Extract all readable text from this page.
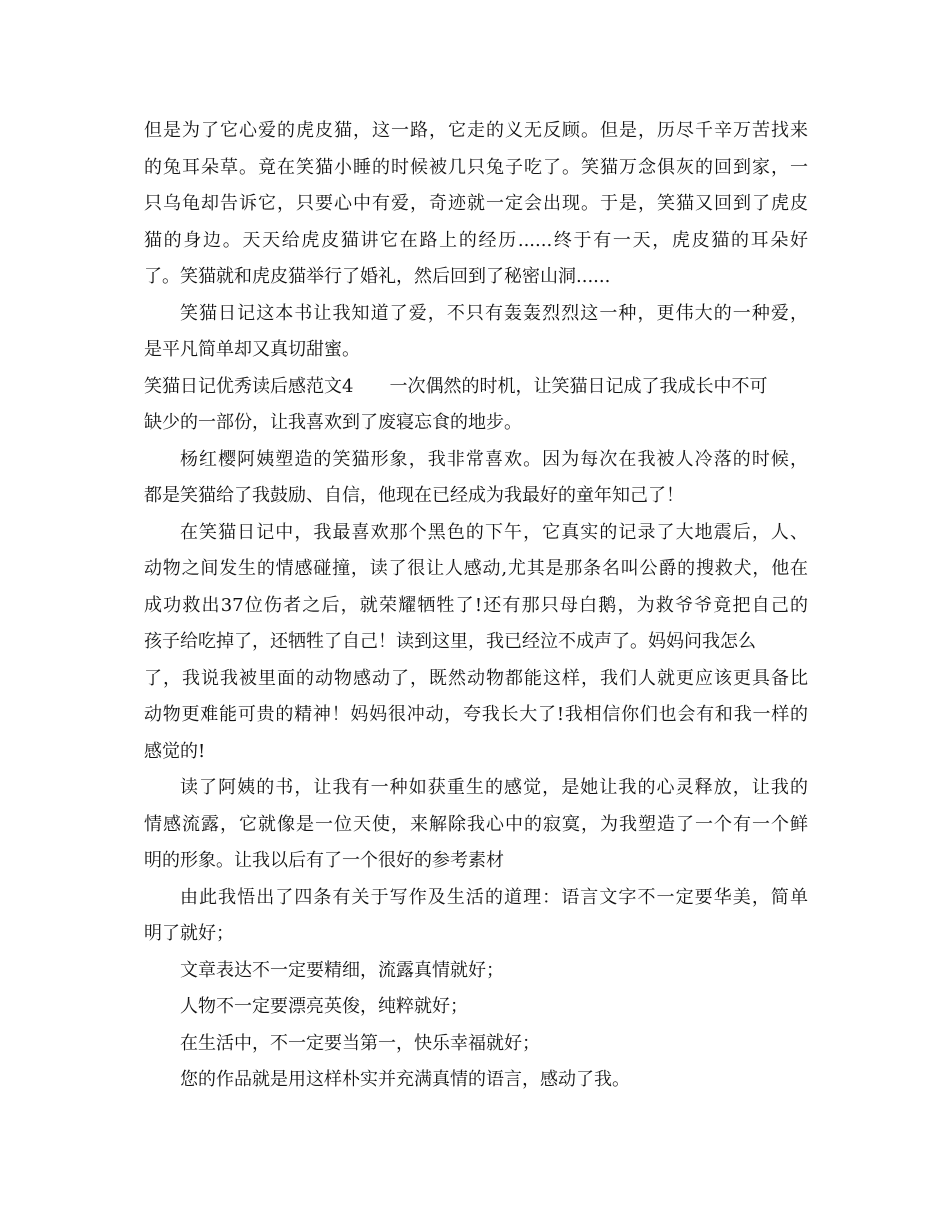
但是为了它心爱的虎皮猫，这一路，它走的义无反顾。但是，历尽千辛万苦找来
的兔耳朵草。竟在笑猫小睡的时候被几只兔子吃了。笑猫万念俱灰的回到家，一
只乌龟却告诉它，只要心中有爱，奇迹就一定会出现。于是，笑猫又回到了虎皮
猫的身边。天天给虎皮猫讲它在路上的经历......终于有一天，虎皮猫的耳朵好
了。笑猫就和虎皮猫举行了婚礼，然后回到了秘密山洞......
笑猫日记这本书让我知道了爱，不只有轰轰烈烈这一种，更伟大的一种爱，
是平凡简单却又真切甜蜜。
笑猫日记优秀读后感范文4 一次偶然的时机，让笑猫日记成了我成长中不可
缺少的一部份，让我喜欢到了废寝忘食的地步。
杨红樱阿姨塑造的笑猫形象，我非常喜欢。因为每次在我被人冷落的时候，
都是笑猫给了我鼓励、自信，他现在已经成为我最好的童年知己了！
在笑猫日记中，我最喜欢那个黑色的下午，它真实的记录了大地震后，人、
动物之间发生的情感碰撞，读了很让人感动,尤其是那条名叫公爵的搜救犬，他在
成功救出37位伤者之后，就荣耀牺牲了!还有那只母白鹅，为救爷爷竟把自己的
孩子给吃掉了，还牺牲了自己！读到这里，我已经泣不成声了。妈妈问我怎么
了，我说我被里面的动物感动了，既然动物都能这样，我们人就更应该更具备比
动物更难能可贵的精神！妈妈很冲动，夸我长大了!我相信你们也会有和我一样的
感觉的!
读了阿姨的书，让我有一种如获重生的感觉，是她让我的心灵释放，让我的
情感流露，它就像是一位天使，来解除我心中的寂寞，为我塑造了一个有一个鲜
明的形象。让我以后有了一个很好的参考素材
由此我悟出了四条有关于写作及生活的道理：语言文字不一定要华美，简单
明了就好；
文章表达不一定要精细，流露真情就好；
人物不一定要漂亮英俊，纯粹就好；
在生活中，不一定要当第一，快乐幸福就好；
您的作品就是用这样朴实并充满真情的语言，感动了我。
